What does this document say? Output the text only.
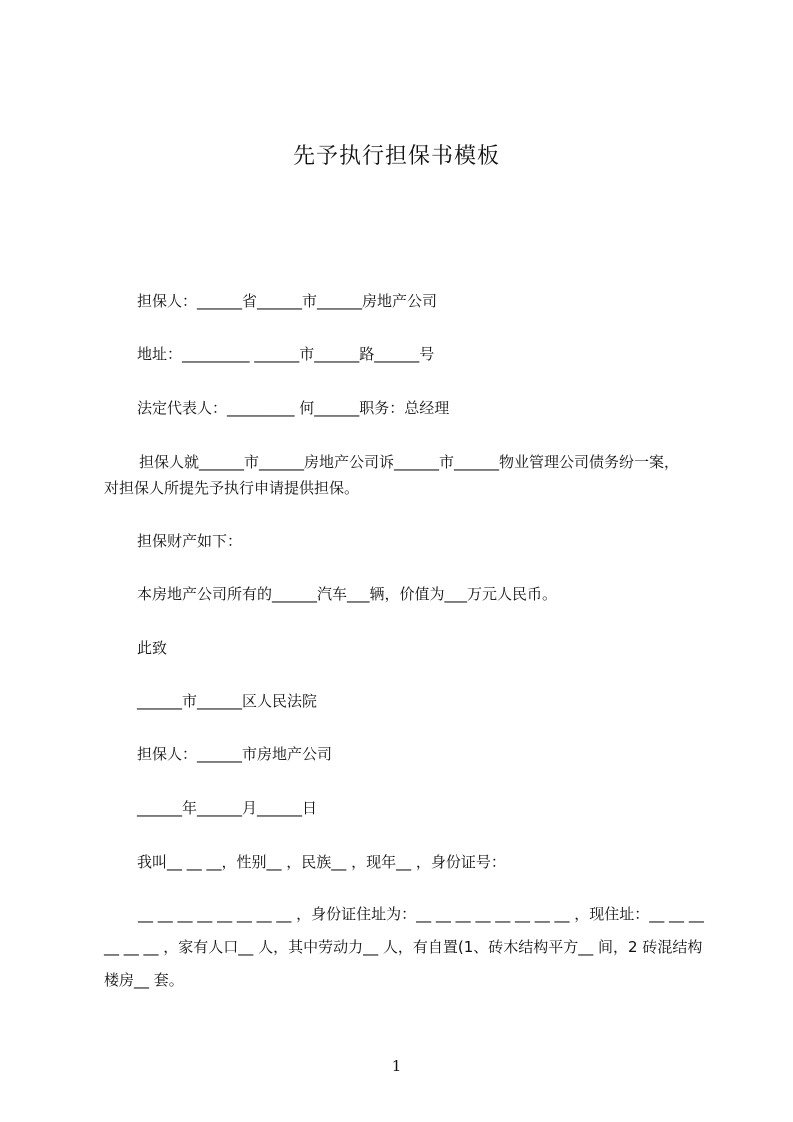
先予执行担保书模板
担保人：______省______市______房地产公司
地址：_________ ______市______路______号
法定代表人：_________ 何______职务：总经理
担保人就______市______房地产公司诉______市______物业管理公司债务纷一案，
对担保人所提先予执行申请提供担保。
担保财产如下：
本房地产公司所有的______汽车___辆，价值为___万元人民币。
此致
______市______区人民法院
担保人：______市房地产公司
______年______月______日
我叫__ __ __，性别__ ，民族__ ，现年__ ，身份证号：
__ __ __ __ __ __ __ __ ，身份证住址为：__ __ __ __ __ __ __ __ ，现住址：__ __ __ __ __ __ ，家有人口__ 人，其中劳动力__ 人，有自置(1、砖木结构平方__ 间，2 砖混结构楼房__ 套。
1
